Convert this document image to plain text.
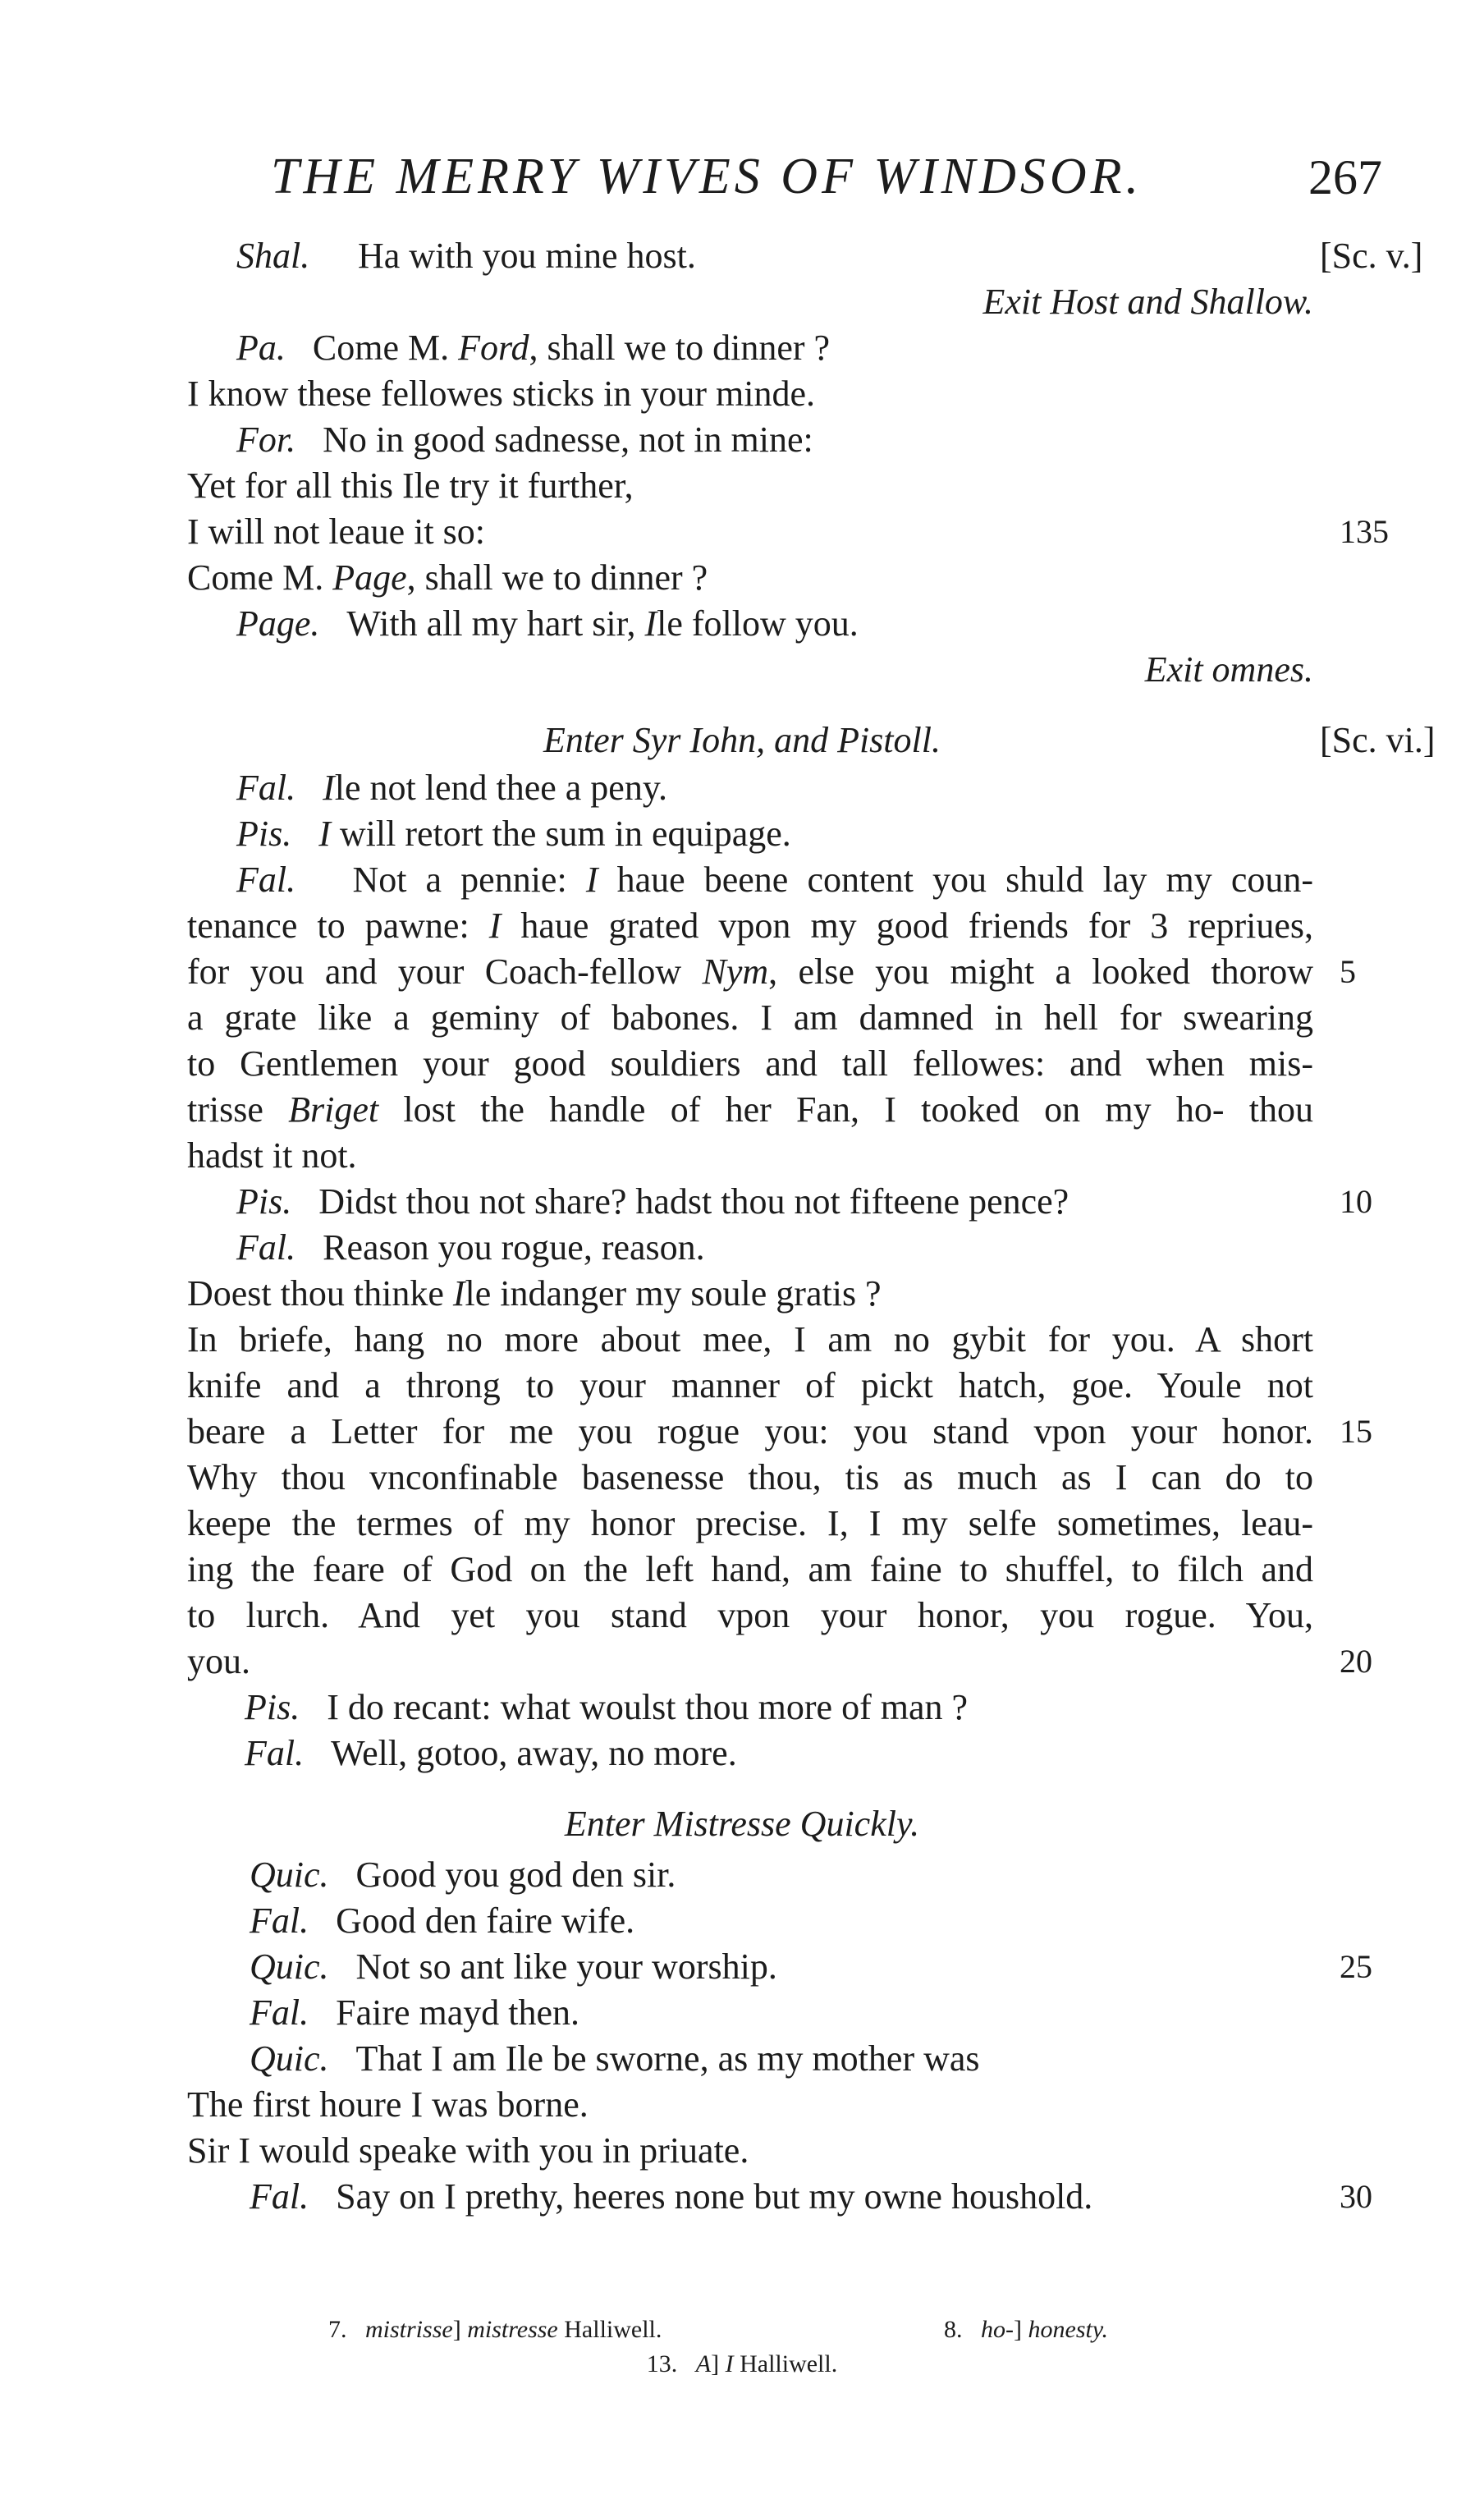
THE MERRY WIVES OF WINDSOR.	267
Shal. Ha with you mine host.	[Sc. v.]
Exit Host and Shallow.
Pa. Come M. Ford, shall we to dinner ?
I know these fellowes sticks in your minde.
For. No in good sadnesse, not in mine:
Yet for all this Ile try it further,
I will not leaue it so:	135
Come M. Page, shall we to dinner ?
Page. With all my hart sir, Ile follow you.
Exit omnes.
Enter Syr Iohn, and Pistoll.	[Sc. vi.]
Fal. Ile not lend thee a peny.
Pis. I will retort the sum in equipage.
Fal. Not a pennie: I haue beene content you shuld lay my coun-
tenance to pawne: I haue grated vpon my good friends for 3 repriues,
for you and your Coach-fellow Nym, else you might a looked thorow 5
a grate like a geminy of babones. I am damned in hell for swearing
to Gentlemen your good souldiers and tall fellowes: and when mis-
trisse Briget lost the handle of her Fan, I tooked on my ho- thou
hadst it not.
Pis. Didst thou not share? hadst thou not fifteene pence?	10
Fal. Reason you rogue, reason.
Doest thou thinke Ile indanger my soule gratis ?
In briefe, hang no more about mee, I am no gybit for you. A short
knife and a throng to your manner of pickt hatch, goe. Youle not
beare a Letter for me you rogue you: you stand vpon your honor. 15
Why thou vnconfinable basenesse thou, tis as much as I can do to
keepe the termes of my honor precise. I, I my selfe sometimes, leau-
ing the feare of God on the left hand, am faine to shuffel, to filch and
to lurch. And yet you stand vpon your honor, you rogue. You,
you.	20
Pis. I do recant: what woulst thou more of man ?
Fal. Well, gotoo, away, no more.
Enter Mistresse Quickly.
Quic. Good you god den sir.
Fal. Good den faire wife.
Quic. Not so ant like your worship.	25
Fal. Faire mayd then.
Quic. That I am Ile be sworne, as my mother was
The first houre I was borne.
Sir I would speake with you in priuate.
Fal. Say on I prethy, heeres none but my owne houshold.	30
7. mistrisse] mistresse Halliwell.	8. ho-] honesty.
13. A] I Halliwell.
